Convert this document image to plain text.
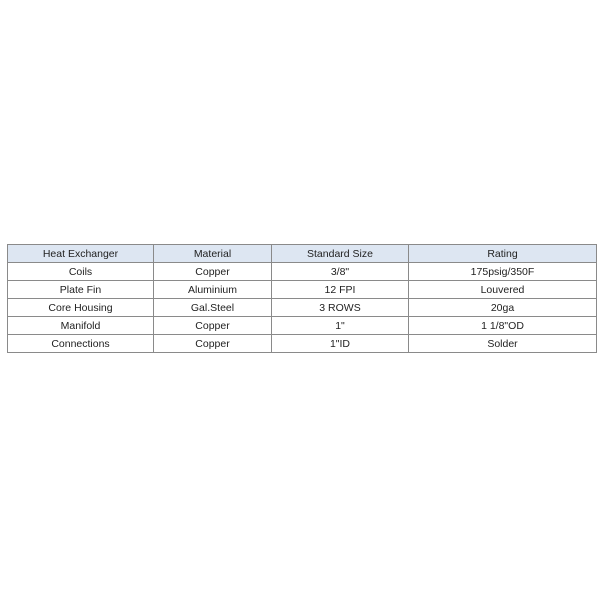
Heat Exchanger	Material	Standard Size	Rating
Coils	Copper	3/8"	175psig/350F
Plate Fin	Aluminium	12 FPI	Louvered
Core Housing	Gal.Steel	3 ROWS	20ga
Manifold	Copper	1"	1 1/8"OD
Connections	Copper	1"ID	Solder
